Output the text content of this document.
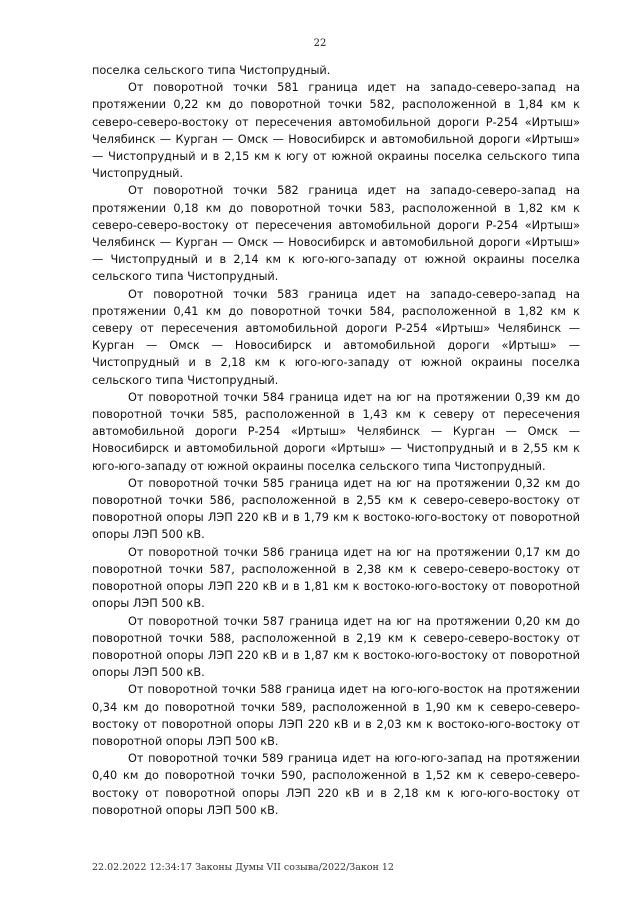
22

поселка сельского типа Чистопрудный.

От поворотной точки 581 граница идет на западо-северо-запад на протяжении 0,22 км до поворотной точки 582, расположенной в 1,84 км к северо-северо-востоку от пересечения автомобильной дороги Р-254 «Иртыш» Челябинск — Курган — Омск — Новосибирск и автомобильной дороги «Иртыш» — Чистопрудный и в 2,15 км к югу от южной окраины поселка сельского типа Чистопрудный.

От поворотной точки 582 граница идет на западо-северо-запад на протяжении 0,18 км до поворотной точки 583, расположенной в 1,82 км к северо-северо-востоку от пересечения автомобильной дороги Р-254 «Иртыш» Челябинск — Курган — Омск — Новосибирск и автомобильной дороги «Иртыш» — Чистопрудный и в 2,14 км к юго-юго-западу от южной окраины поселка сельского типа Чистопрудный.

От поворотной точки 583 граница идет на западо-северо-запад на протяжении 0,41 км до поворотной точки 584, расположенной в 1,82 км к северу от пересечения автомобильной дороги Р-254 «Иртыш» Челябинск — Курган — Омск — Новосибирск и автомобильной дороги «Иртыш» — Чистопрудный и в 2,18 км к юго-юго-западу от южной окраины поселка сельского типа Чистопрудный.

От поворотной точки 584 граница идет на юг на протяжении 0,39 км до поворотной точки 585, расположенной в 1,43 км к северу от пересечения автомобильной дороги Р-254 «Иртыш» Челябинск — Курган — Омск — Новосибирск и автомобильной дороги «Иртыш» — Чистопрудный и в 2,55 км к юго-юго-западу от южной окраины поселка сельского типа Чистопрудный.

От поворотной точки 585 граница идет на юг на протяжении 0,32 км до поворотной точки 586, расположенной в 2,55 км к северо-северо-востоку от поворотной опоры ЛЭП 220 кВ и в 1,79 км к востоко-юго-востоку от поворотной опоры ЛЭП 500 кВ.

От поворотной точки 586 граница идет на юг на протяжении 0,17 км до поворотной точки 587, расположенной в 2,38 км к северо-северо-востоку от поворотной опоры ЛЭП 220 кВ и в 1,81 км к востоко-юго-востоку от поворотной опоры ЛЭП 500 кВ.

От поворотной точки 587 граница идет на юг на протяжении 0,20 км до поворотной точки 588, расположенной в 2,19 км к северо-северо-востоку от поворотной опоры ЛЭП 220 кВ и в 1,87 км к востоко-юго-востоку от поворотной опоры ЛЭП 500 кВ.

От поворотной точки 588 граница идет на юго-юго-восток на протяжении 0,34 км до поворотной точки 589, расположенной в 1,90 км к северо-северо-востоку от поворотной опоры ЛЭП 220 кВ и в 2,03 км к востоко-юго-востоку от поворотной опоры ЛЭП 500 кВ.

От поворотной точки 589 граница идет на юго-юго-запад на протяжении 0,40 км до поворотной точки 590, расположенной в 1,52 км к северо-северо-востоку от поворотной опоры ЛЭП 220 кВ и в 2,18 км к юго-юго-востоку от поворотной опоры ЛЭП 500 кВ.

22.02.2022 12:34:17 Законы Думы VII созыва/2022/Закон 12
